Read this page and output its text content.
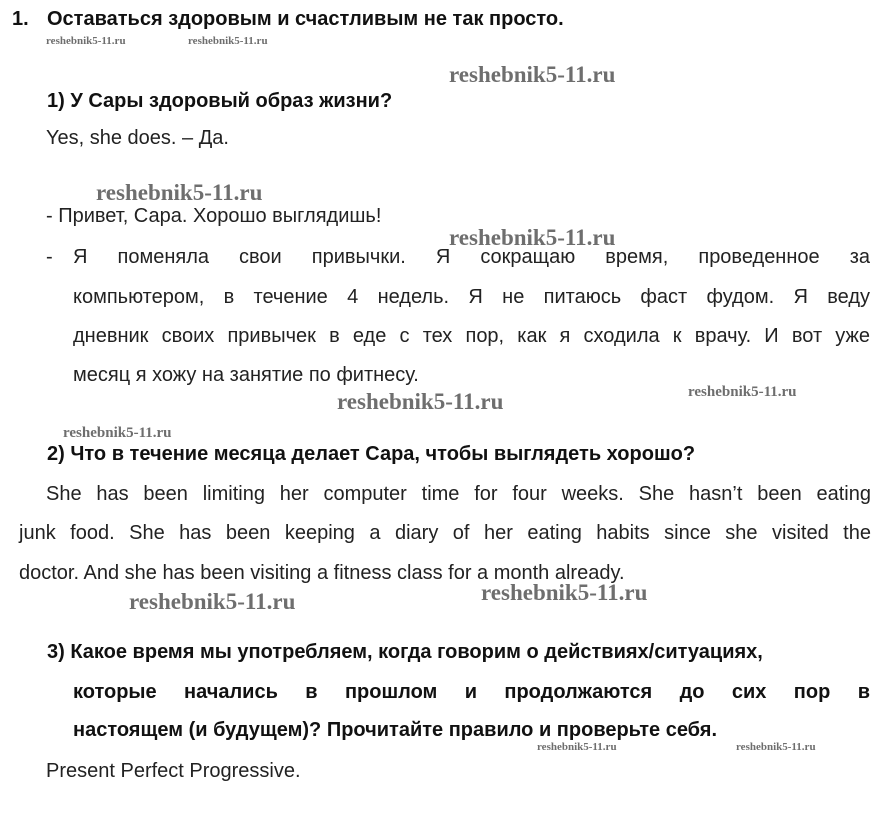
1. Оставаться здоровым и счастливым не так просто.
1) У Сары здоровый образ жизни?
Yes, she does. – Да.
- Привет, Сара. Хорошо выглядишь!
- Я поменяла свои привычки. Я сокращаю время, проведенное за
компьютером, в течение 4 недель. Я не питаюсь фаст фудом. Я веду
дневник своих привычек в еде с тех пор, как я сходила к врачу. И вот уже
месяц я хожу на занятие по фитнесу.
2) Что в течение месяца делает Сара, чтобы выглядеть хорошо?
She has been limiting her computer time for four weeks. She hasn’t been eating
junk food. She has been keeping a diary of her eating habits since she visited the
doctor. And she has been visiting a fitness class for a month already.
3) Какое время мы употребляем, когда говорим о действиях/ситуациях,
которые начались в прошлом и продолжаются до сих пор в
настоящем (и будущем)? Прочитайте правило и проверьте себя.
Present Perfect Progressive.
reshebnik5-11.ru	reshebnik5-11.ru
reshebnik5-11.ru
reshebnik5-11.ru
reshebnik5-11.ru
reshebnik5-11.ru	reshebnik5-11.ru
reshebnik5-11.ru
reshebnik5-11.ru	reshebnik5-11.ru
reshebnik5-11.ru	reshebnik5-11.ru
